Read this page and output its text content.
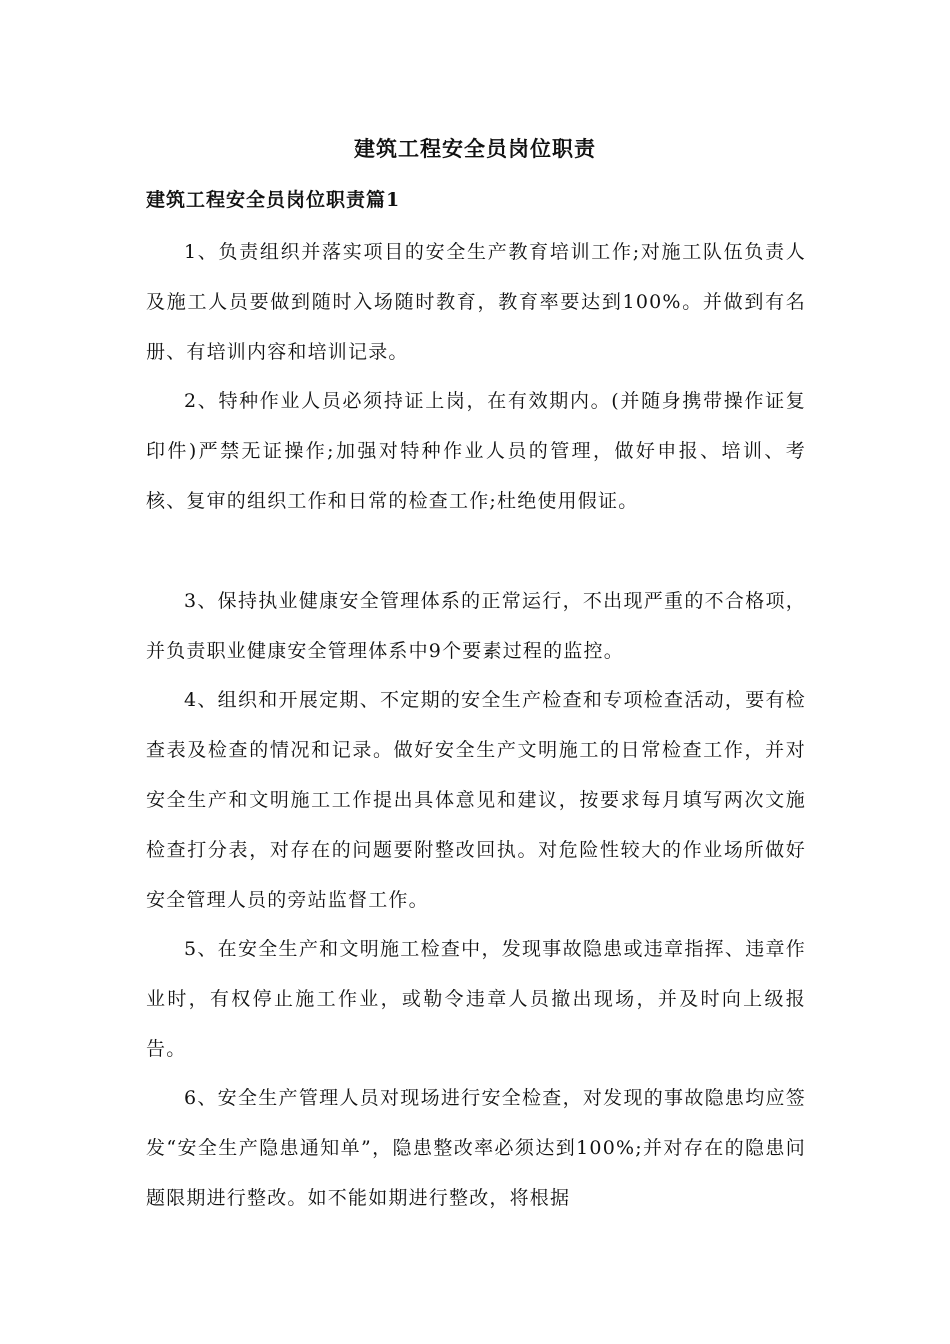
建筑工程安全员岗位职责
建筑工程安全员岗位职责篇1

1、负责组织并落实项目的安全生产教育培训工作;对施工队伍负责人及施工人员要做到随时入场随时教育，教育率要达到100%。并做到有名册、有培训内容和培训记录。

2、特种作业人员必须持证上岗，在有效期内。(并随身携带操作证复印件)严禁无证操作;加强对特种作业人员的管理，做好申报、培训、考核、复审的组织工作和日常的检查工作;杜绝使用假证。

3、保持执业健康安全管理体系的正常运行，不出现严重的不合格项，并负责职业健康安全管理体系中9个要素过程的监控。

4、组织和开展定期、不定期的安全生产检查和专项检查活动，要有检查表及检查的情况和记录。做好安全生产文明施工的日常检查工作，并对安全生产和文明施工工作提出具体意见和建议，按要求每月填写两次文施检查打分表，对存在的问题要附整改回执。对危险性较大的作业场所做好安全管理人员的旁站监督工作。

5、在安全生产和文明施工检查中，发现事故隐患或违章指挥、违章作业时，有权停止施工作业，或勒令违章人员撤出现场，并及时向上级报告。

6、安全生产管理人员对现场进行安全检查，对发现的事故隐患均应签发“安全生产隐患通知单”，隐患整改率必须达到100%;并对存在的隐患问题限期进行整改。如不能如期进行整改，将根据
